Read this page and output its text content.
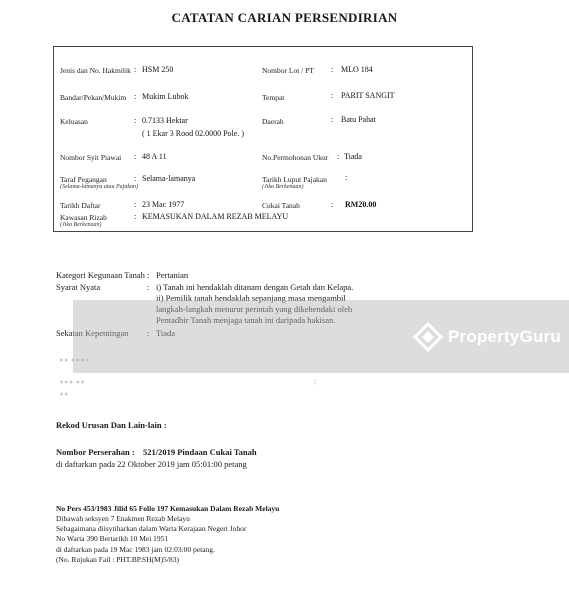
CATATAN CARIAN PERSENDIRIAN
Jenis dan No. Hakmilik : HSM 250	Nombor Lot / PT : MLO 184
Bandar/Pekan/Mukim : Mukim Lubok	Tempat	: PARIT SANGIT
Keluasan	: 0.7133 Hektar
( 1 Ekar 3 Rood 02.0000 Pole. )
Daerah	: Batu Pahat
Nombor Syit Piawai : 48 A 11	No.Permohonan Ukur : Tiada
Taraf Pegangan
(Selama-lamanya atau Pajakan)
: Selama-lamanya	Tarikh Luput Pajakan
(Jika Berkenaan)
:
Tarikh Daftar	: 23 Mac 1977	Cukai Tanah	: RM20.00
Kawasan Rizab
(Jika Berkenaan)
: KEMASUKAN DALAM REZAB MELAYU
Kategori Kegunaan Tanah : Pertanian
Syarat Nyata	: i) Tanah ini hendaklah ditanam dengan Getah dan Kelapa.
ii) Pemilik tanah hendaklah sepanjang masa mengambil
langkah-langkah menurut perintah yang dikehendaki oleh
Pentadbir Tanah menjaga tanah ini daripada hakisan.
Sekatan Kepentingan : Tiada
• •  • • • •
• • •  • •	:
• •
PropertyGuru
Rekod Urusan Dan Lain-lain :
Nombor Perserahan : 521/2019 Pindaan Cukai Tanah
di daftarkan pada 22 Oktober 2019 jam 05:01:00 petang
No Pers 453/1983 Jilid 65 Folio 197 Kemasukan Dalam Rezab Melayu
Dibawah seksyen 7 Enakmen Rezab Melayu
Sebagaimana diisytiharkan dalam Warta Kerajaan Negeri Johor
No Warta 390 Bertarikh 10 Mei 1951
di daftarkan pada 19 Mac 1983 jam 02:03:00 petang.
(No. Rujukan Fail : PHT.BP.SH(M)5/83)
